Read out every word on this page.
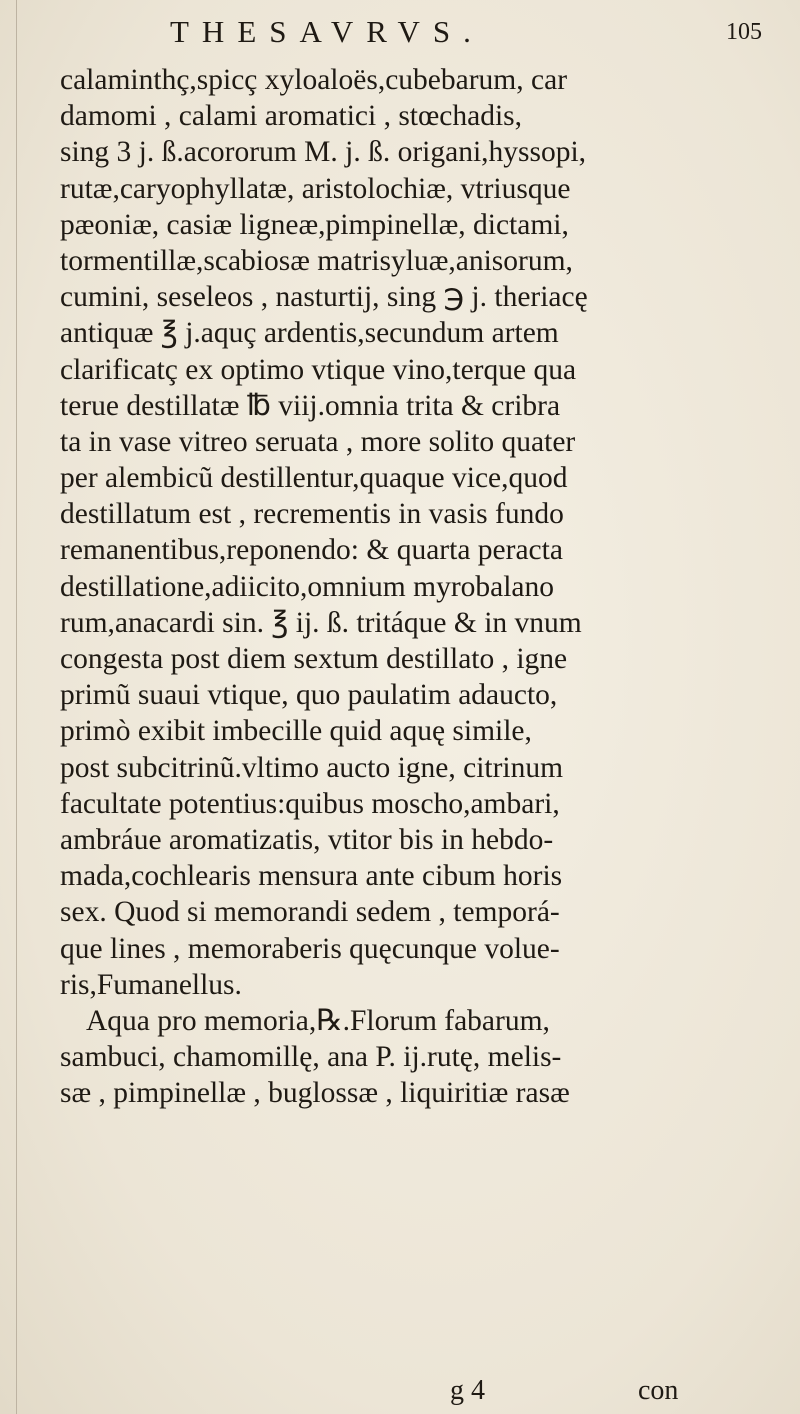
THESAVRVS.	105
calaminthç,spicç xyloaloës,cubebarum, car
damomi , calami aromatici , stœchadis,
sing 3 j. ß.acororum M. j. ß. origani,hyssopi,
rutæ,caryophyllatæ, aristolochiæ, vtriusque
pæoniæ, casiæ ligneæ,pimpinellæ, dictami,
tormentillæ,scabiosæ matrisyluæ,anisorum,
cumini, seseleos , nasturtij, sing ℈ j. theriacę
antiquæ ℥ j.aquç ardentis,secundum artem
clarificatç ex optimo vtique vino,terque qua
terue destillatæ ℔ viij.omnia trita & cribra
ta in vase vitreo seruata , more solito quater
per alembicũ destillentur,quaque vice,quod
destillatum est , recrementis in vasis fundo
remanentibus,reponendo: & quarta peracta
destillatione,adiicito,omnium myrobalano
rum,anacardi sin. ℥ ij. ß. tritáque & in vnum
congesta post diem sextum destillato , igne
primũ suaui vtique, quo paulatim adaucto,
primò exibit imbecille quid aquę simile,
post subcitrinũ.vltimo aucto igne, citrinum
facultate potentius:quibus moscho,ambari,
ambráue aromatizatis, vtitor bis in hebdo-
mada,cochlearis mensura ante cibum horis
sex. Quod si memorandi sedem , temporá-
que lines , memoraberis quęcunque volue-
ris,Fumanellus.
Aqua pro memoria,℞.Florum fabarum,
sambuci, chamomillę, ana P. ij.rutę, melis-
sæ , pimpinellæ , buglossæ , liquiritiæ rasæ
g 4	con
